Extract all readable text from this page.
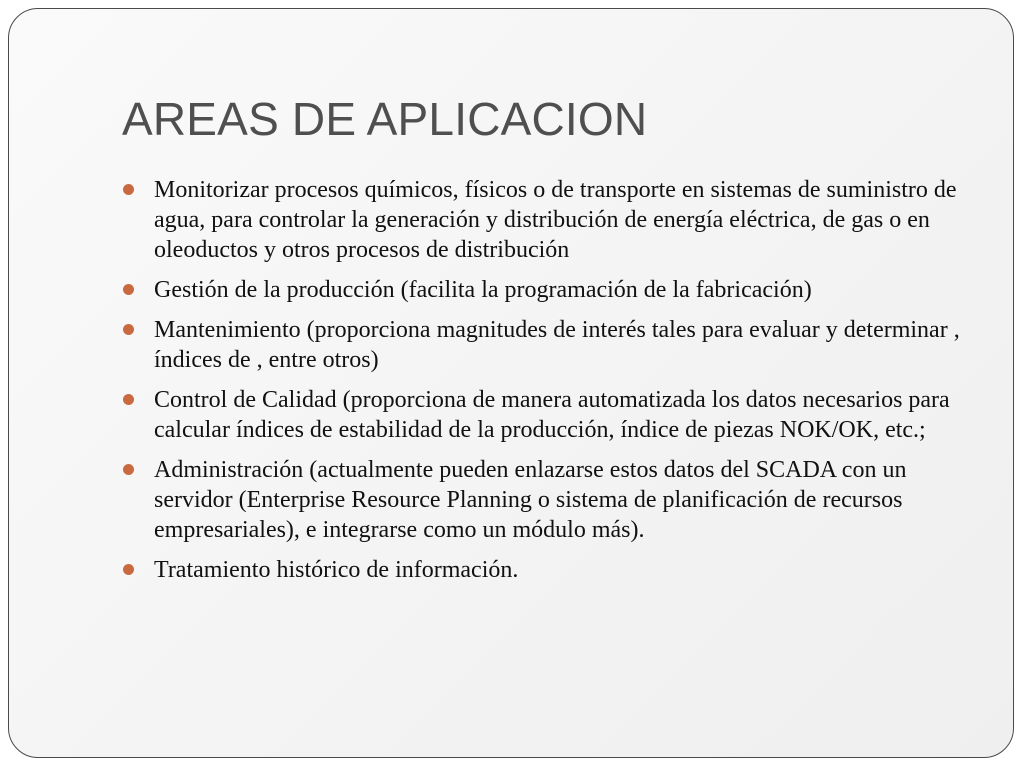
AREAS DE APLICACION
Monitorizar procesos químicos, físicos o de transporte en sistemas de suministro de agua, para controlar la generación y distribución de energía eléctrica, de gas o en oleoductos y otros procesos de distribución
Gestión de la producción (facilita la programación de la fabricación)
Mantenimiento (proporciona magnitudes de interés tales para evaluar y determinar , índices de , entre otros)
Control de Calidad (proporciona de manera automatizada los datos necesarios para calcular índices de estabilidad de la producción, índice de piezas NOK/OK, etc.;
Administración (actualmente pueden enlazarse estos datos del SCADA con un servidor (Enterprise Resource Planning o sistema de planificación de recursos empresariales), e integrarse como un módulo más).
Tratamiento histórico de información.
